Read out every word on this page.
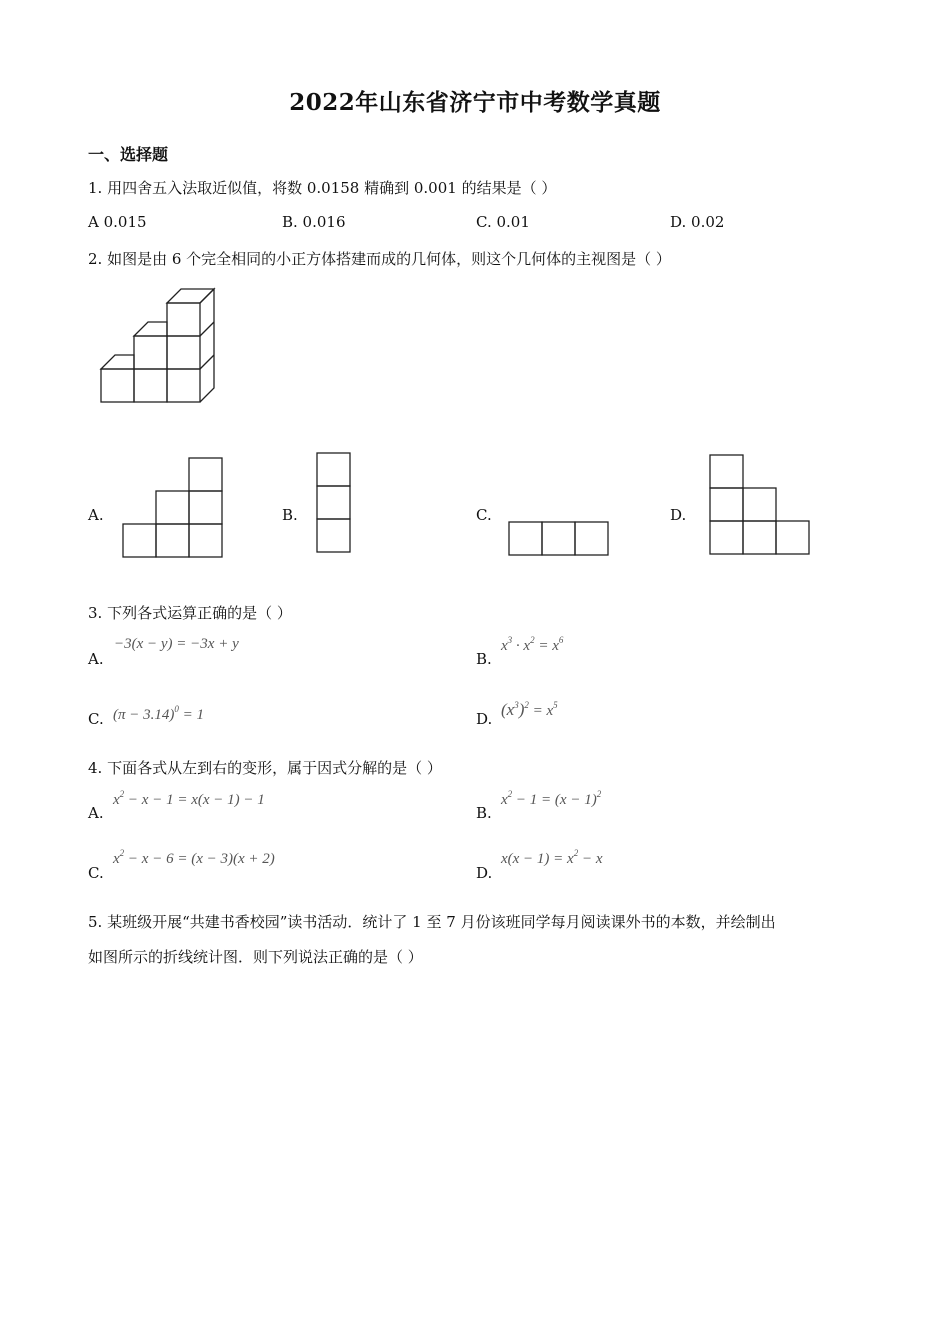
2022年山东省济宁市中考数学真题
一、选择题
1. 用四舍五入法取近似值，将数 0.0158 精确到 0.001 的结果是（ ）
A 0.015	B. 0.016	C. 0.01	D. 0.02
2. 如图是由 6 个完全相同的小正方体搭建而成的几何体，则这个几何体的主视图是（ ）
A.	B.	C.	D.
3. 下列各式运算正确的是（ ）
A.
−3(x − y) = −3x + y
B.
$x^3 \cdot x^2 = x^6$
C. $(\pi - 3.14)^0 = 1$	D. $(x^3)^2 = x^5$
4. 下面各式从左到右的变形，属于因式分解的是（ ）
A.
$x^2 - x - 1 = x(x - 1) - 1$
B.
$x^2 - 1 = (x - 1)^2$
C.
$x^2 - x - 6 = (x - 3)(x + 2)$
D.
$x(x - 1) = x^2 - x$
5. 某班级开展“共建书香校园”读书活动．统计了 1 至 7 月份该班同学每月阅读课外书的本数，并绘制出
如图所示的折线统计图．则下列说法正确的是（ ）
